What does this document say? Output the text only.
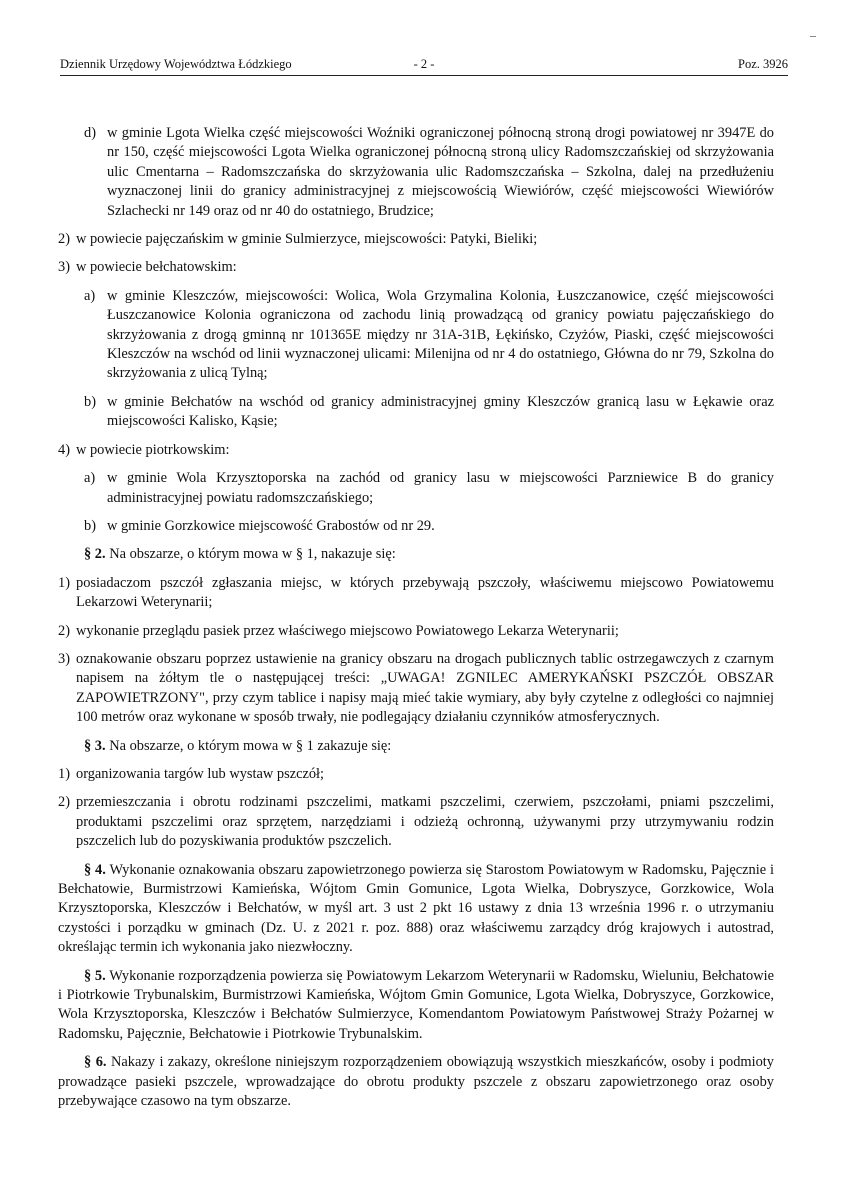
Dziennik Urzędowy Województwa Łódzkiego	- 2 -	Poz. 3926
d) w gminie Lgota Wielka część miejscowości Woźniki ograniczonej północną stroną drogi powiatowej nr 3947E do nr 150, część miejscowości Lgota Wielka ograniczonej północną stroną ulicy Radomszczańskiej od skrzyżowania ulic Cmentarna – Radomszczańska do skrzyżowania ulic Radomszczańska – Szkolna, dalej na przedłużeniu wyznaczonej linii do granicy administracyjnej z miejscowością Wiewiórów, część miejscowości Wiewiórów Szlachecki nr 149 oraz od nr 40 do ostatniego, Brudzice;
2) w powiecie pajęczańskim w gminie Sulmierzyce, miejscowości: Patyki, Bieliki;
3) w powiecie bełchatowskim:
a) w gminie Kleszczów, miejscowości: Wolica, Wola Grzymalina Kolonia, Łuszczanowice, część miejscowości Łuszczanowice Kolonia ograniczona od zachodu linią prowadzącą od granicy powiatu pajęczańskiego do skrzyżowania z drogą gminną nr 101365E między nr 31A-31B, Łękińsko, Czyżów, Piaski, część miejscowości Kleszczów na wschód od linii wyznaczonej ulicami: Milenijna od nr 4 do ostatniego, Główna do nr 79, Szkolna do skrzyżowania z ulicą Tylną;
b) w gminie Bełchatów na wschód od granicy administracyjnej gminy Kleszczów granicą lasu w Łękawie oraz miejscowości Kalisko, Kąsie;
4) w powiecie piotrkowskim:
a) w gminie Wola Krzysztoporska na zachód od granicy lasu w miejscowości Parzniewice B do granicy administracyjnej powiatu radomszczańskiego;
b) w gminie Gorzkowice miejscowość Grabostów od nr 29.
§ 2. Na obszarze, o którym mowa w § 1, nakazuje się:
1) posiadaczom pszczół zgłaszania miejsc, w których przebywają pszczoły, właściwemu miejscowo Powiatowemu Lekarzowi Weterynarii;
2) wykonanie przeglądu pasiek przez właściwego miejscowo Powiatowego Lekarza Weterynarii;
3) oznakowanie obszaru poprzez ustawienie na granicy obszaru na drogach publicznych tablic ostrzegawczych z czarnym napisem na żółtym tle o następującej treści: „UWAGA! ZGNILEC AMERYKAŃSKI PSZCZÓŁ OBSZAR ZAPOWIETRZONY", przy czym tablice i napisy mają mieć takie wymiary, aby były czytelne z odległości co najmniej 100 metrów oraz wykonane w sposób trwały, nie podlegający działaniu czynników atmosferycznych.
§ 3. Na obszarze, o którym mowa w § 1 zakazuje się:
1) organizowania targów lub wystaw pszczół;
2) przemieszczania i obrotu rodzinami pszczelimi, matkami pszczelimi, czerwiem, pszczołami, pniami pszczelimi, produktami pszczelimi oraz sprzętem, narzędziami i odzieżą ochronną, używanymi przy utrzymywaniu rodzin pszczelich lub do pozyskiwania produktów pszczelich.
§ 4. Wykonanie oznakowania obszaru zapowietrzonego powierza się Starostom Powiatowym w Radomsku, Pajęcznie i Bełchatowie, Burmistrzowi Kamieńska, Wójtom Gmin Gomunice, Lgota Wielka, Dobryszyce, Gorzkowice, Wola Krzysztoporska, Kleszczów i Bełchatów, w myśl art. 3 ust 2 pkt 16 ustawy z dnia 13 września 1996 r. o utrzymaniu czystości i porządku w gminach (Dz. U. z 2021 r. poz. 888) oraz właściwemu zarządcy dróg krajowych i autostrad, określając termin ich wykonania jako niezwłoczny.
§ 5. Wykonanie rozporządzenia powierza się Powiatowym Lekarzom Weterynarii w Radomsku, Wieluniu, Bełchatowie i Piotrkowie Trybunalskim, Burmistrzowi Kamieńska, Wójtom Gmin Gomunice, Lgota Wielka, Dobryszyce, Gorzkowice, Wola Krzysztoporska, Kleszczów i Bełchatów Sulmierzyce, Komendantom Powiatowym Państwowej Straży Pożarnej w Radomsku, Pajęcznie, Bełchatowie i Piotrkowie Trybunalskim.
§ 6. Nakazy i zakazy, określone niniejszym rozporządzeniem obowiązują wszystkich mieszkańców, osoby i podmioty prowadzące pasieki pszczele, wprowadzające do obrotu produkty pszczele z obszaru zapowietrzonego oraz osoby przebywające czasowo na tym obszarze.
